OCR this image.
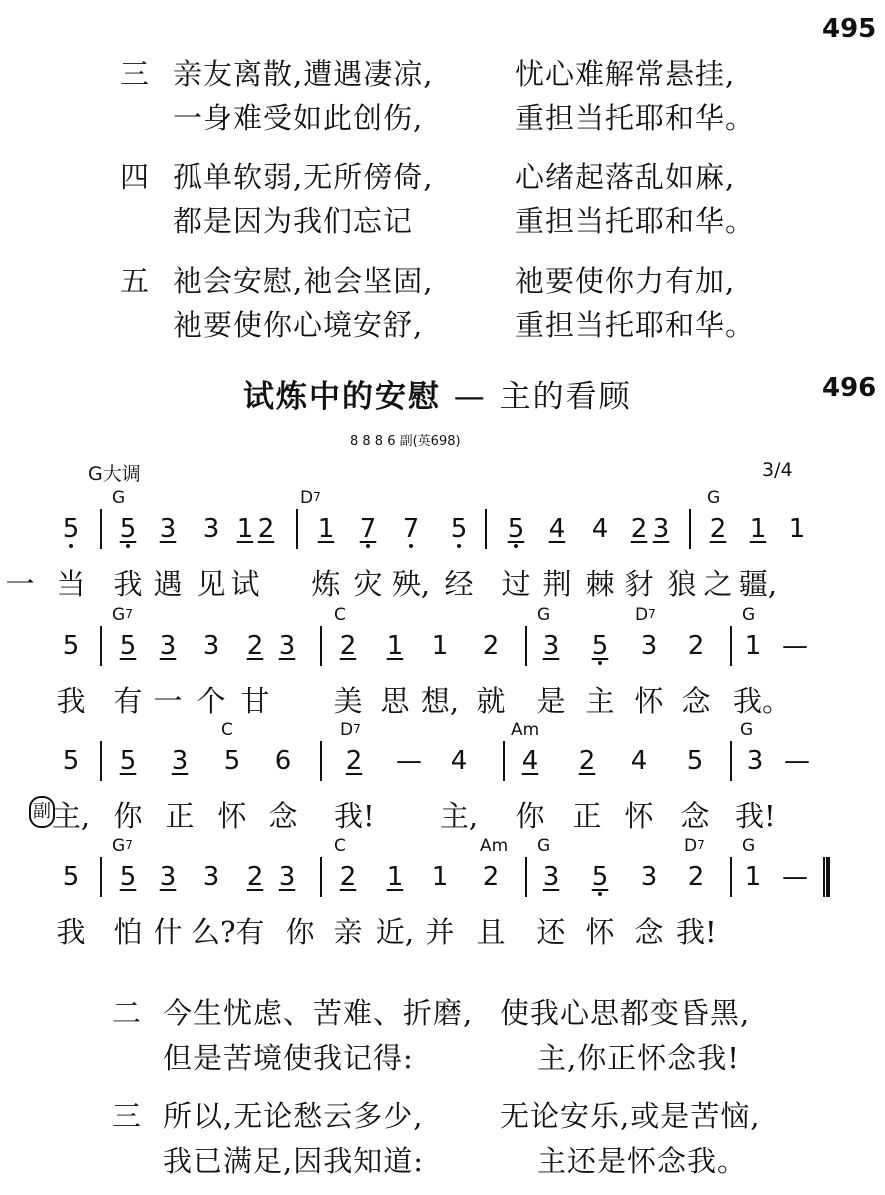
495
三 亲友离散,遭遇凄凉,	忧心难解常悬挂,
一身难受如此创伤,	重担当托耶和华。
四 孤单软弱,无所傍倚,	心绪起落乱如麻,
都是因为我们忘记	重担当托耶和华。
五 祂会安慰,祂会坚固,	祂要使你力有加,
祂要使你心境安舒,	重担当托耶和华。
试炼中的安慰 — 主的看顾	496
8 8 8 6 副(英698)
G大调	3/4
副
G	$D_7$	G
5	5 3	3 1 2	1 7	7	5	5 4	4 2 3	2 1 1
一 当 我 遇 见 试 炼 灾 殃, 经 过 荆 棘 豺 狼 之 疆,
$G_7$	C	G	$D_7$	G
5	5 3	3	2 3	2	1	1	2	3	5	3	2	1 —
我 有 一 个 甘 美 思 想, 就 是 主 怀 念 我。
C	$D_7$	Am	G
5	5	3	5	6	2	—	4	4	2	4	5	3 —
主, 你 正 怀 念 我! 主, 你 正 怀 念 我!
$G_7$	C	Am G	$D_7$ G
5	5 3	3	2 3	2	1	1	2	3	5	3	2	1 —
我 怕 什 么?有 你 亲 近, 并 且 还 怀 念 我!
二 今生忧虑、苦难、折磨, 使我心思都变昏黑,
但是苦境使我记得:	主,你正怀念我!
三 所以,无论愁云多少,	无论安乐,或是苦恼,
我已满足,因我知道:	主还是怀念我。
